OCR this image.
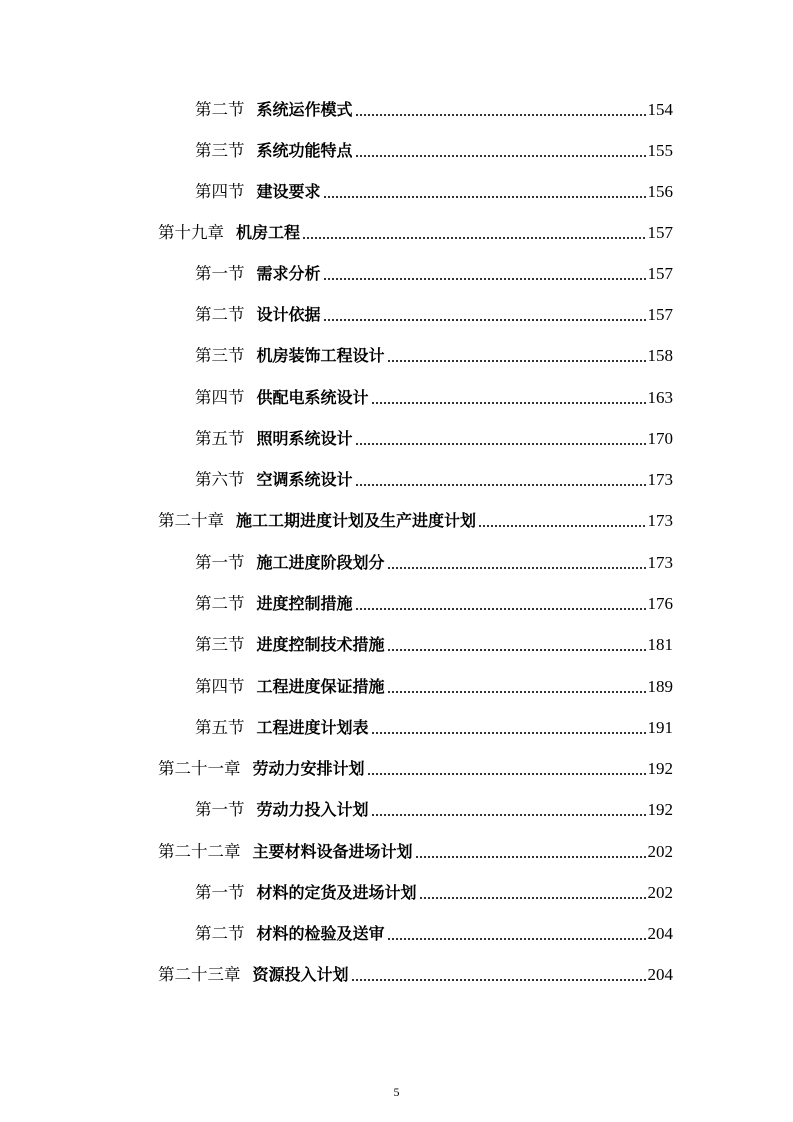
第二节 系统运作模式	154
第三节 系统功能特点	155
第四节 建设要求	156
第十九章 机房工程	157
第一节 需求分析	157
第二节 设计依据	157
第三节 机房装饰工程设计	158
第四节 供配电系统设计	163
第五节 照明系统设计	170
第六节 空调系统设计	173
第二十章 施工工期进度计划及生产进度计划	173
第一节 施工进度阶段划分	173
第二节 进度控制措施	176
第三节 进度控制技术措施	181
第四节 工程进度保证措施	189
第五节 工程进度计划表	191
第二十一章 劳动力安排计划	192
第一节 劳动力投入计划	192
第二十二章 主要材料设备进场计划	202
第一节 材料的定货及进场计划	202
第二节 材料的检验及送审	204
第二十三章 资源投入计划	204
5
